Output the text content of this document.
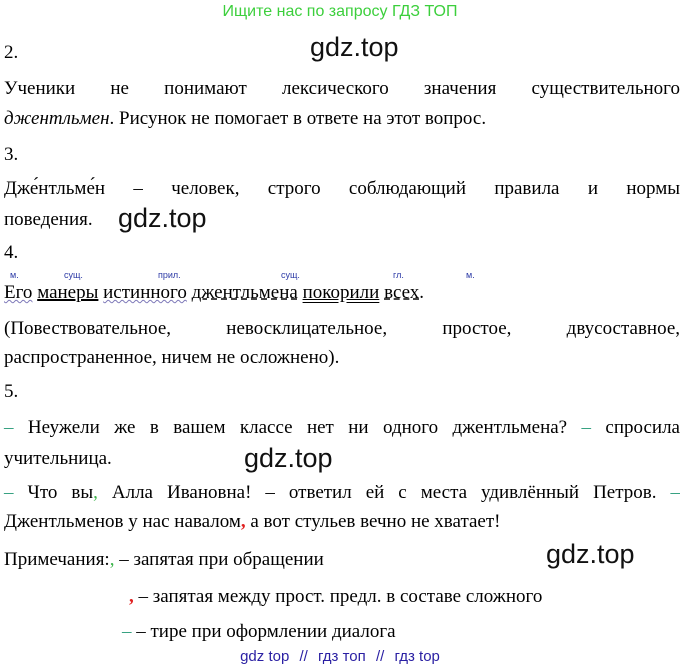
Ищите нас по запросу ГДЗ ТОП
2.	gdz.top
Ученики не понимают лексического значения существительного
джентльмен. Рисунок не помогает в ответе на этот вопрос.
3.
Дже́нтльме́н – человек, строго соблюдающий правила и нормы
поведения. gdz.top
4.
м.	сущ.	прил.	сущ.	гл.	м.
Его манеры истинного джентльмена покорили всех.
(Повествовательное, невосклицательное, простое, двусоставное,
распространенное, ничем не осложнено).
5.
– Неужели же в вашем классе нет ни одного джентльмена? – спросила
учительница.	gdz.top
– Что вы, Алла Ивановна! – ответил ей с места удивлённый Петров. –
Джентльменов у нас навалом, а вот стульев вечно не хватает!
Примечания:, – запятая при обращении	gdz.top
, – запятая между прост. предл. в составе сложного
– – тире при оформлении диалога
gdz top // гдз топ // гдз top
